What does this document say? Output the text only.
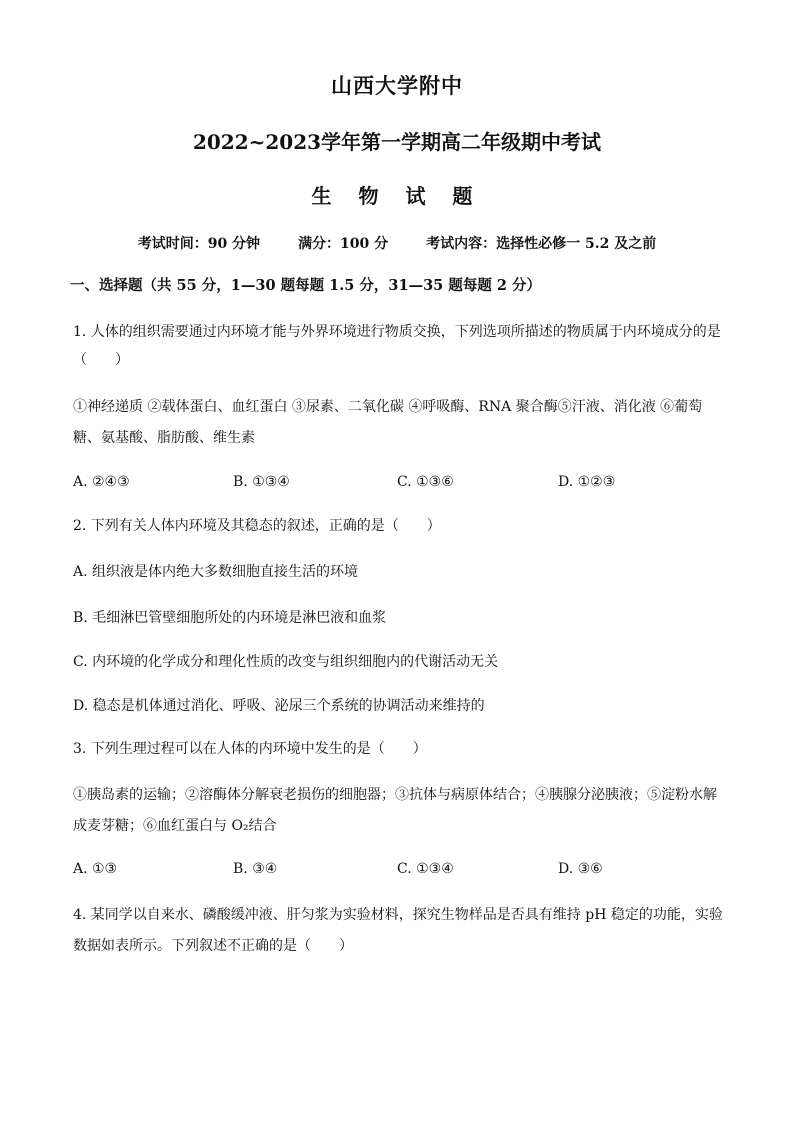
山西大学附中
2022~2023学年第一学期高二年级期中考试
生 物 试 题
考试时间：90 分钟	满分：100 分	考试内容：选择性必修一 5.2 及之前
一、选择题（共 55 分，1—30 题每题 1.5 分，31—35 题每题 2 分）
1. 人体的组织需要通过内环境才能与外界环境进行物质交换，下列选项所描述的物质属于内环境成分的是
（　　）
①神经递质 ②载体蛋白、血红蛋白 ③尿素、二氧化碳 ④呼吸酶、RNA 聚合酶⑤汗液、消化液 ⑥葡萄
糖、氨基酸、脂肪酸、维生素
A. ②④③	B. ①③④	C. ①③⑥	D. ①②③
2. 下列有关人体内环境及其稳态的叙述，正确的是（　　）
A. 组织液是体内绝大多数细胞直接生活的环境
B. 毛细淋巴管壁细胞所处的内环境是淋巴液和血浆
C. 内环境的化学成分和理化性质的改变与组织细胞内的代谢活动无关
D. 稳态是机体通过消化、呼吸、泌尿三个系统的协调活动来维持的
3. 下列生理过程可以在人体的内环境中发生的是（　　）
①胰岛素的运输；②溶酶体分解衰老损伤的细胞器；③抗体与病原体结合；④胰腺分泌胰液；⑤淀粉水解
成麦芽糖；⑥血红蛋白与 O₂结合
A. ①③	B. ③④	C. ①③④	D. ③⑥
4. 某同学以自来水、磷酸缓冲液、肝匀浆为实验材料，探究生物样品是否具有维持 pH 稳定的功能，实验
数据如表所示。下列叙述不正确的是（　　）
